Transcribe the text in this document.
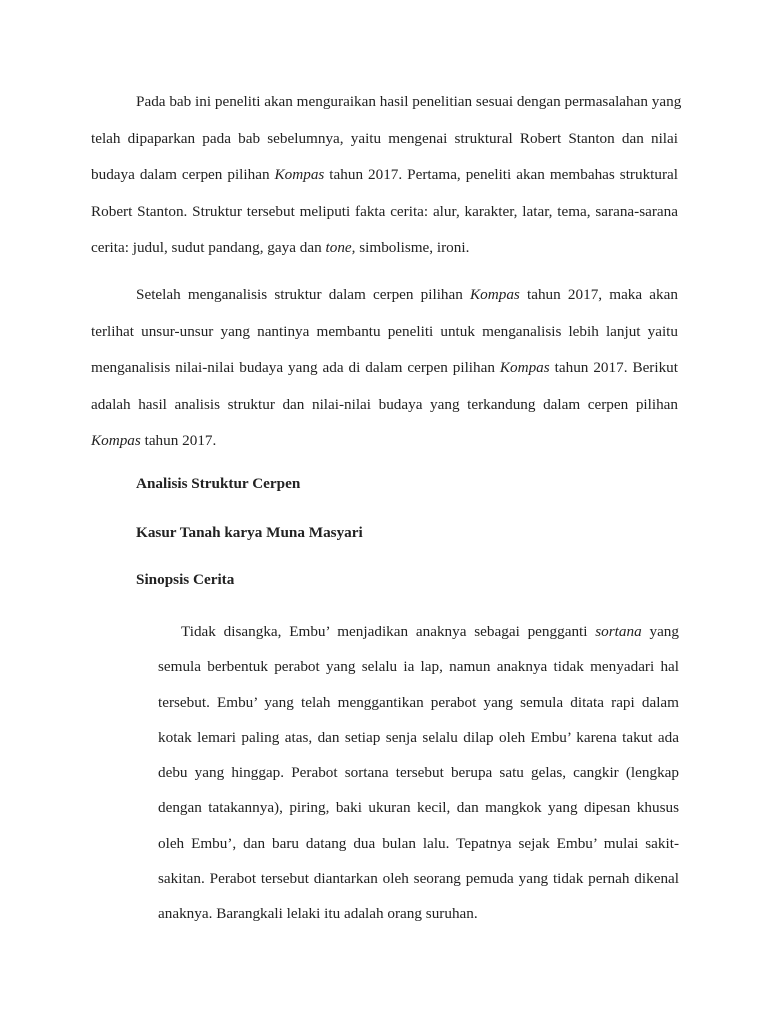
Pada bab ini peneliti akan menguraikan hasil penelitian sesuai dengan permasalahan yang
telah dipaparkan pada bab sebelumnya, yaitu mengenai struktural Robert Stanton dan nilai
budaya dalam cerpen pilihan Kompas tahun 2017. Pertama, peneliti akan membahas struktural
Robert Stanton. Struktur tersebut meliputi fakta cerita: alur, karakter, latar, tema, sarana-sarana
cerita: judul, sudut pandang, gaya dan tone, simbolisme, ironi.
Setelah menganalisis struktur dalam cerpen pilihan Kompas tahun 2017, maka akan
terlihat unsur-unsur yang nantinya membantu peneliti untuk menganalisis lebih lanjut yaitu
menganalisis nilai-nilai budaya yang ada di dalam cerpen pilihan Kompas tahun 2017. Berikut
adalah hasil analisis struktur dan nilai-nilai budaya yang terkandung dalam cerpen pilihan
Kompas tahun 2017.

Analisis Struktur Cerpen

Kasur Tanah karya Muna Masyari

Sinopsis Cerita

Tidak disangka, Embu’ menjadikan anaknya sebagai pengganti sortana yang
semula berbentuk perabot yang selalu ia lap, namun anaknya tidak menyadari hal
tersebut. Embu’ yang telah menggantikan perabot yang semula ditata rapi dalam
kotak lemari paling atas, dan setiap senja selalu dilap oleh Embu’ karena takut ada
debu yang hinggap. Perabot sortana tersebut berupa satu gelas, cangkir (lengkap
dengan tatakannya), piring, baki ukuran kecil, dan mangkok yang dipesan khusus
oleh Embu’, dan baru datang dua bulan lalu. Tepatnya sejak Embu’ mulai sakit-
sakitan. Perabot tersebut diantarkan oleh seorang pemuda yang tidak pernah dikenal
anaknya. Barangkali lelaki itu adalah orang suruhan.
